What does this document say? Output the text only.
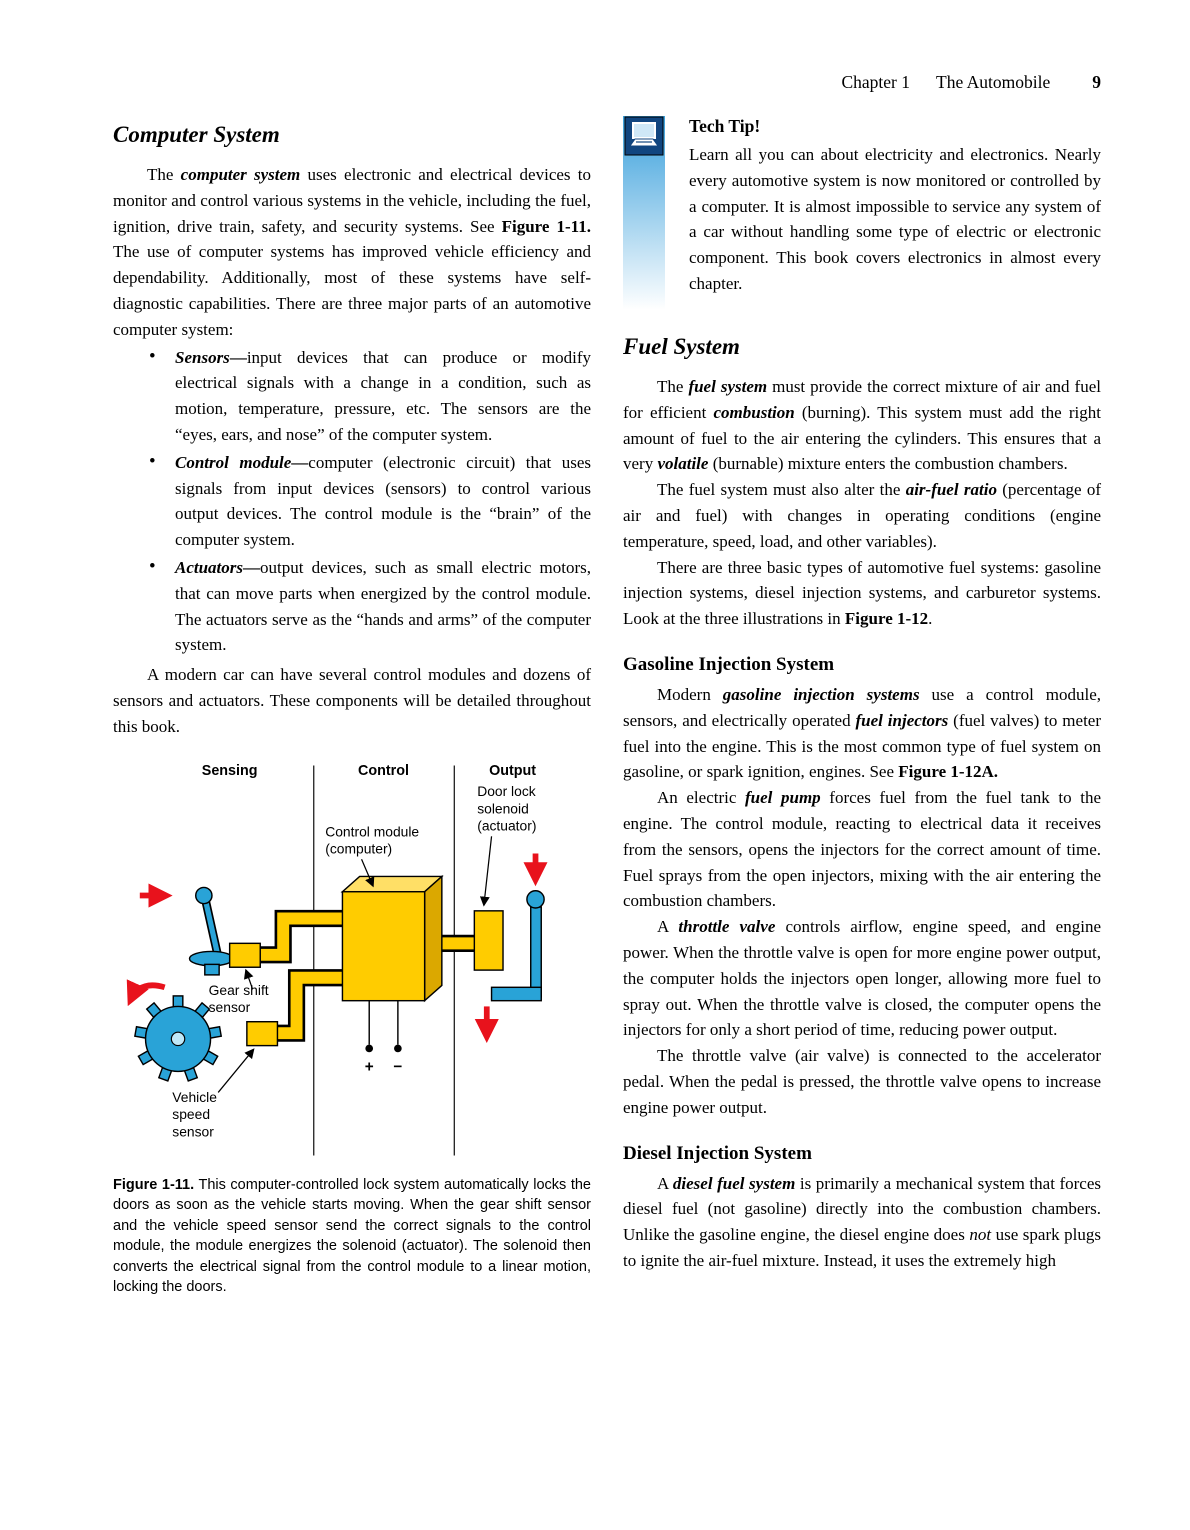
Chapter 1 The Automobile 9
Computer System

The computer system uses electronic and electrical devices to monitor and control various systems in the vehicle, including the fuel, ignition, drive train, safety, and security systems. See Figure 1-11. The use of computer systems has improved vehicle efficiency and dependability. Additionally, most of these systems have self-diagnostic capabilities. There are three major parts of an automotive computer system:

• Sensors—input devices that can produce or modify electrical signals with a change in a condition, such as motion, temperature, pressure, etc. The sensors are the “eyes, ears, and nose” of the computer system.
• Control module—computer (electronic circuit) that uses signals from input devices (sensors) to control various output devices. The control module is the “brain” of the computer system.
• Actuators—output devices, such as small electric motors, that can move parts when energized by the control module. The actuators serve as the “hands and arms” of the computer system.

A modern car can have several control modules and dozens of sensors and actuators. These components will be detailed throughout this book.

Sensing	Control	Output
+ −
Door lock
solenoid
(actuator)
Control module
(computer)
Gear shift
sensor
Vehicle
speed
sensor

Figure 1-11. This computer-controlled lock system automatically locks the doors as soon as the vehicle starts moving. When the gear shift sensor and the vehicle speed sensor send the correct signals to the control module, the module energizes the solenoid (actuator). The solenoid then converts the electrical signal from the control module to a linear motion, locking the doors.

Tech Tip!
Learn all you can about electricity and electronics. Nearly every automotive system is now monitored or controlled by a computer. It is almost impossible to service any system of a car without handling some type of electric or electronic component. This book covers electronics in almost every chapter.
Fuel System

The fuel system must provide the correct mixture of air and fuel for efficient combustion (burning). This system must add the right amount of fuel to the air entering the cylinders. This ensures that a very volatile (burnable) mixture enters the combustion chambers.

The fuel system must also alter the air-fuel ratio (percentage of air and fuel) with changes in operating conditions (engine temperature, speed, load, and other variables).

There are three basic types of automotive fuel systems: gasoline injection systems, diesel injection systems, and carburetor systems. Look at the three illustrations in Figure 1-12.

Gasoline Injection System

Modern gasoline injection systems use a control module, sensors, and electrically operated fuel injectors (fuel valves) to meter fuel into the engine. This is the most common type of fuel system on gasoline, or spark ignition, engines. See Figure 1-12A.

An electric fuel pump forces fuel from the fuel tank to the engine. The control module, reacting to electrical data it receives from the sensors, opens the injectors for the correct amount of time. Fuel sprays from the open injectors, mixing with the air entering the combustion chambers.

A throttle valve controls airflow, engine speed, and engine power. When the throttle valve is open for more engine power output, the computer holds the injectors open longer, allowing more fuel to spray out. When the throttle valve is closed, the computer opens the injectors for only a short period of time, reducing power output.

The throttle valve (air valve) is connected to the accelerator pedal. When the pedal is pressed, the throttle valve opens to increase engine power output.

Diesel Injection System

A diesel fuel system is primarily a mechanical system that forces diesel fuel (not gasoline) directly into the combustion chambers. Unlike the gasoline engine, the diesel engine does not use spark plugs to ignite the air-fuel mixture. Instead, it uses the extremely high
